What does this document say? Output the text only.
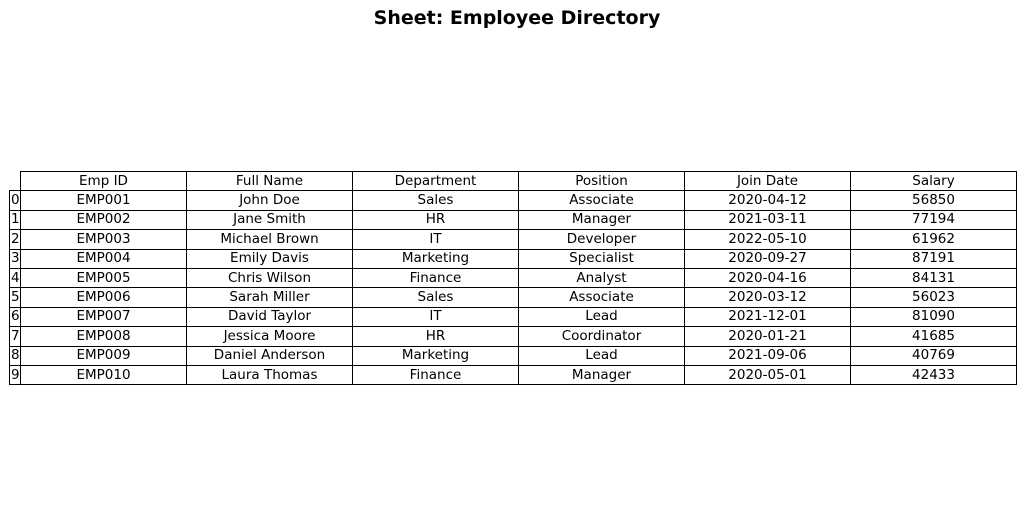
Sheet: Employee Directory
	Emp ID	Full Name	Department	Position	Join Date	Salary
0	EMP001	John Doe	Sales	Associate	2020-04-12	56850
1	EMP002	Jane Smith	HR	Manager	2021-03-11	77194
2	EMP003	Michael Brown	IT	Developer	2022-05-10	61962
3	EMP004	Emily Davis	Marketing	Specialist	2020-09-27	87191
4	EMP005	Chris Wilson	Finance	Analyst	2020-04-16	84131
5	EMP006	Sarah Miller	Sales	Associate	2020-03-12	56023
6	EMP007	David Taylor	IT	Lead	2021-12-01	81090
7	EMP008	Jessica Moore	HR	Coordinator	2020-01-21	41685
8	EMP009	Daniel Anderson	Marketing	Lead	2021-09-06	40769
9	EMP010	Laura Thomas	Finance	Manager	2020-05-01	42433
